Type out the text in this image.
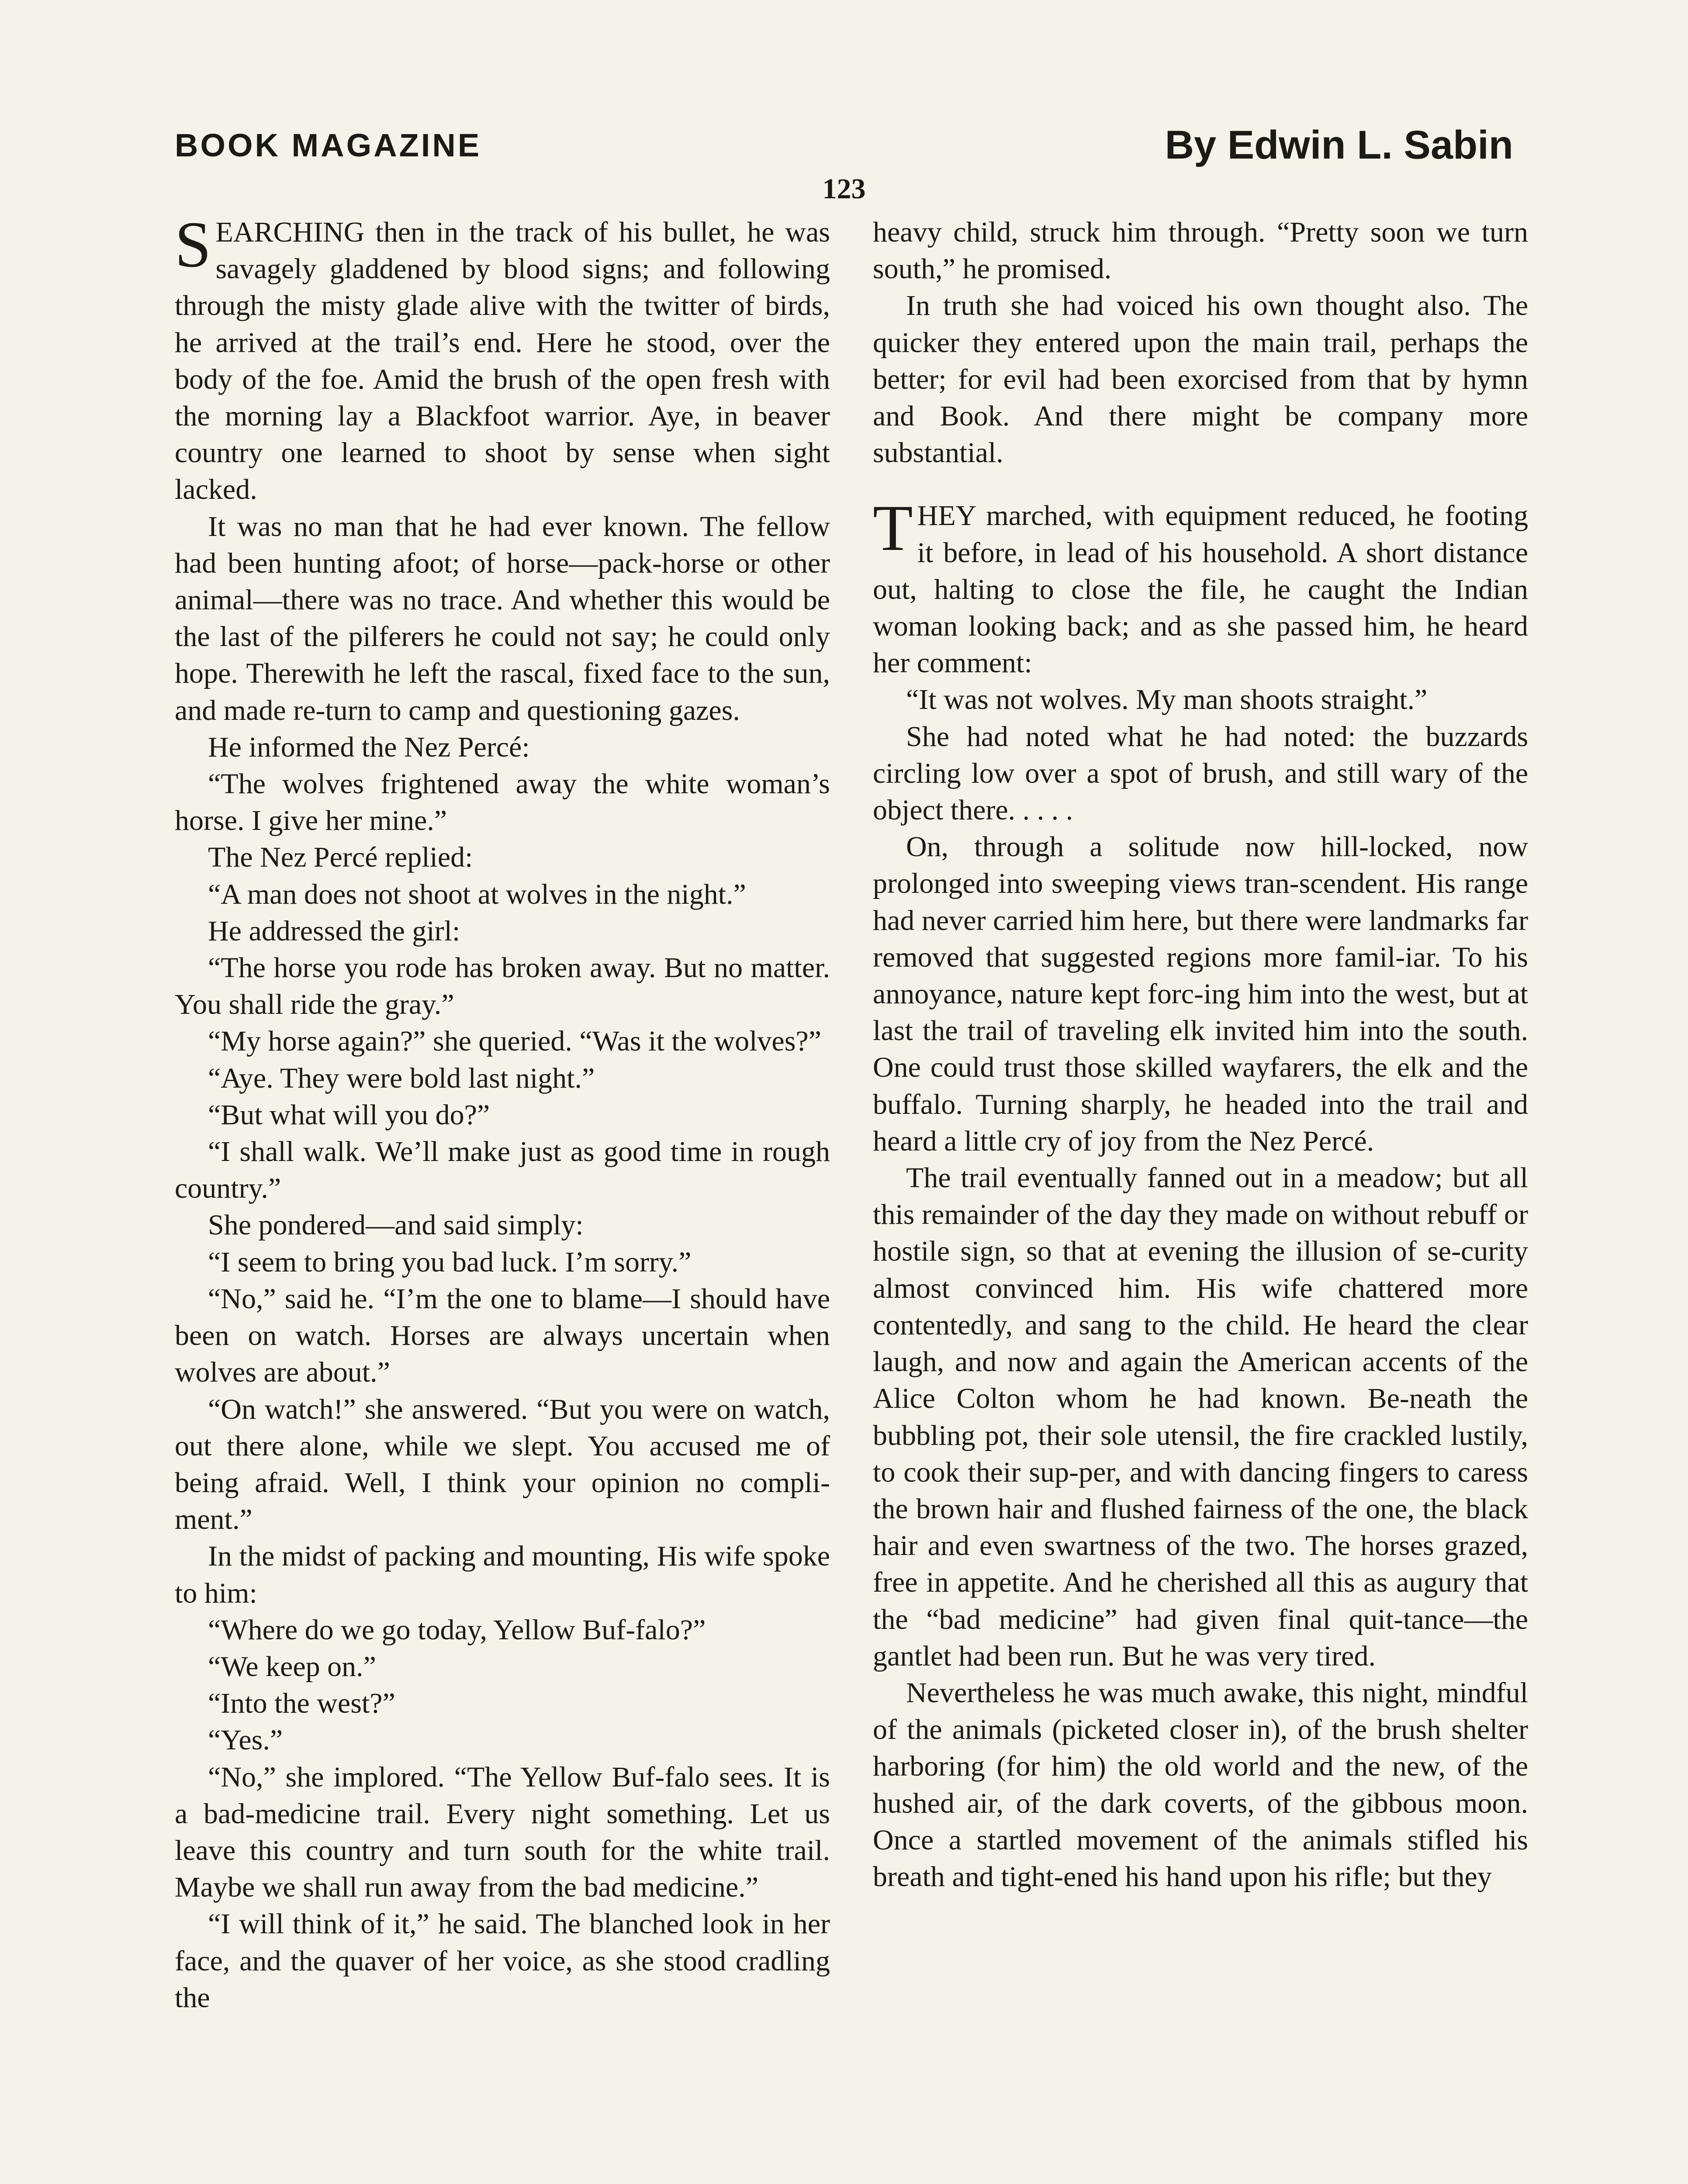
BOOK MAGAZINE	By Edwin L. Sabin
123

SEARCHING then in the track of his bullet, he was savagely gladdened by blood signs; and following through the misty glade alive with the twitter of birds, he arrived at the trail’s end. Here he stood, over the body of the foe. Amid the brush of the open fresh with the morning lay a Blackfoot warrior. Aye, in beaver country one learned to shoot by sense when sight lacked.

It was no man that he had ever known. The fellow had been hunting afoot; of horse—pack-horse or other animal—there was no trace. And whether this would be the last of the pilferers he could not say; he could only hope. Therewith he left the rascal, fixed face to the sun, and made re-turn to camp and questioning gazes.

He informed the Nez Percé:

“The wolves frightened away the white woman’s horse. I give her mine.”

The Nez Percé replied:

“A man does not shoot at wolves in the night.”

He addressed the girl:

“The horse you rode has broken away. But no matter. You shall ride the gray.”

“My horse again?” she queried. “Was it the wolves?”

“Aye. They were bold last night.”

“But what will you do?”

“I shall walk. We’ll make just as good time in rough country.”

She pondered—and said simply:

“I seem to bring you bad luck. I’m sorry.”

“No,” said he. “I’m the one to blame—I should have been on watch. Horses are always uncertain when wolves are about.”

“On watch!” she answered. “But you were on watch, out there alone, while we slept. You accused me of being afraid. Well, I think your opinion no compli-ment.”

In the midst of packing and mounting, His wife spoke to him:

“Where do we go today, Yellow Buf-falo?”

“We keep on.”

“Into the west?”

“Yes.”

“No,” she implored. “The Yellow Buf-falo sees. It is a bad-medicine trail. Every night something. Let us leave this country and turn south for the white trail. Maybe we shall run away from the bad medicine.”

“I will think of it,” he said. The blanched look in her face, and the quaver of her voice, as she stood cradling the

heavy child, struck him through. “Pretty soon we turn south,” he promised.

In truth she had voiced his own thought also. The quicker they entered upon the main trail, perhaps the better; for evil had been exorcised from that by hymn and Book. And there might be company more substantial.

THEY marched, with equipment reduced, he footing it before, in lead of his household. A short distance out, halting to close the file, he caught the Indian woman looking back; and as she passed him, he heard her comment:

“It was not wolves. My man shoots straight.”

She had noted what he had noted: the buzzards circling low over a spot of brush, and still wary of the object there. . . . .

On, through a solitude now hill-locked, now prolonged into sweeping views tran-scendent. His range had never carried him here, but there were landmarks far removed that suggested regions more famil-iar. To his annoyance, nature kept forc-ing him into the west, but at last the trail of traveling elk invited him into the south. One could trust those skilled wayfarers, the elk and the buffalo. Turning sharply, he headed into the trail and heard a little cry of joy from the Nez Percé.

The trail eventually fanned out in a meadow; but all this remainder of the day they made on without rebuff or hostile sign, so that at evening the illusion of se-curity almost convinced him. His wife chattered more contentedly, and sang to the child. He heard the clear laugh, and now and again the American accents of the Alice Colton whom he had known. Be-neath the bubbling pot, their sole utensil, the fire crackled lustily, to cook their sup-per, and with dancing fingers to caress the brown hair and flushed fairness of the one, the black hair and even swartness of the two. The horses grazed, free in appetite. And he cherished all this as augury that the “bad medicine” had given final quit-tance—the gantlet had been run. But he was very tired.

Nevertheless he was much awake, this night, mindful of the animals (picketed closer in), of the brush shelter harboring (for him) the old world and the new, of the hushed air, of the dark coverts, of the gibbous moon. Once a startled movement of the animals stifled his breath and tight-ened his hand upon his rifle; but they
